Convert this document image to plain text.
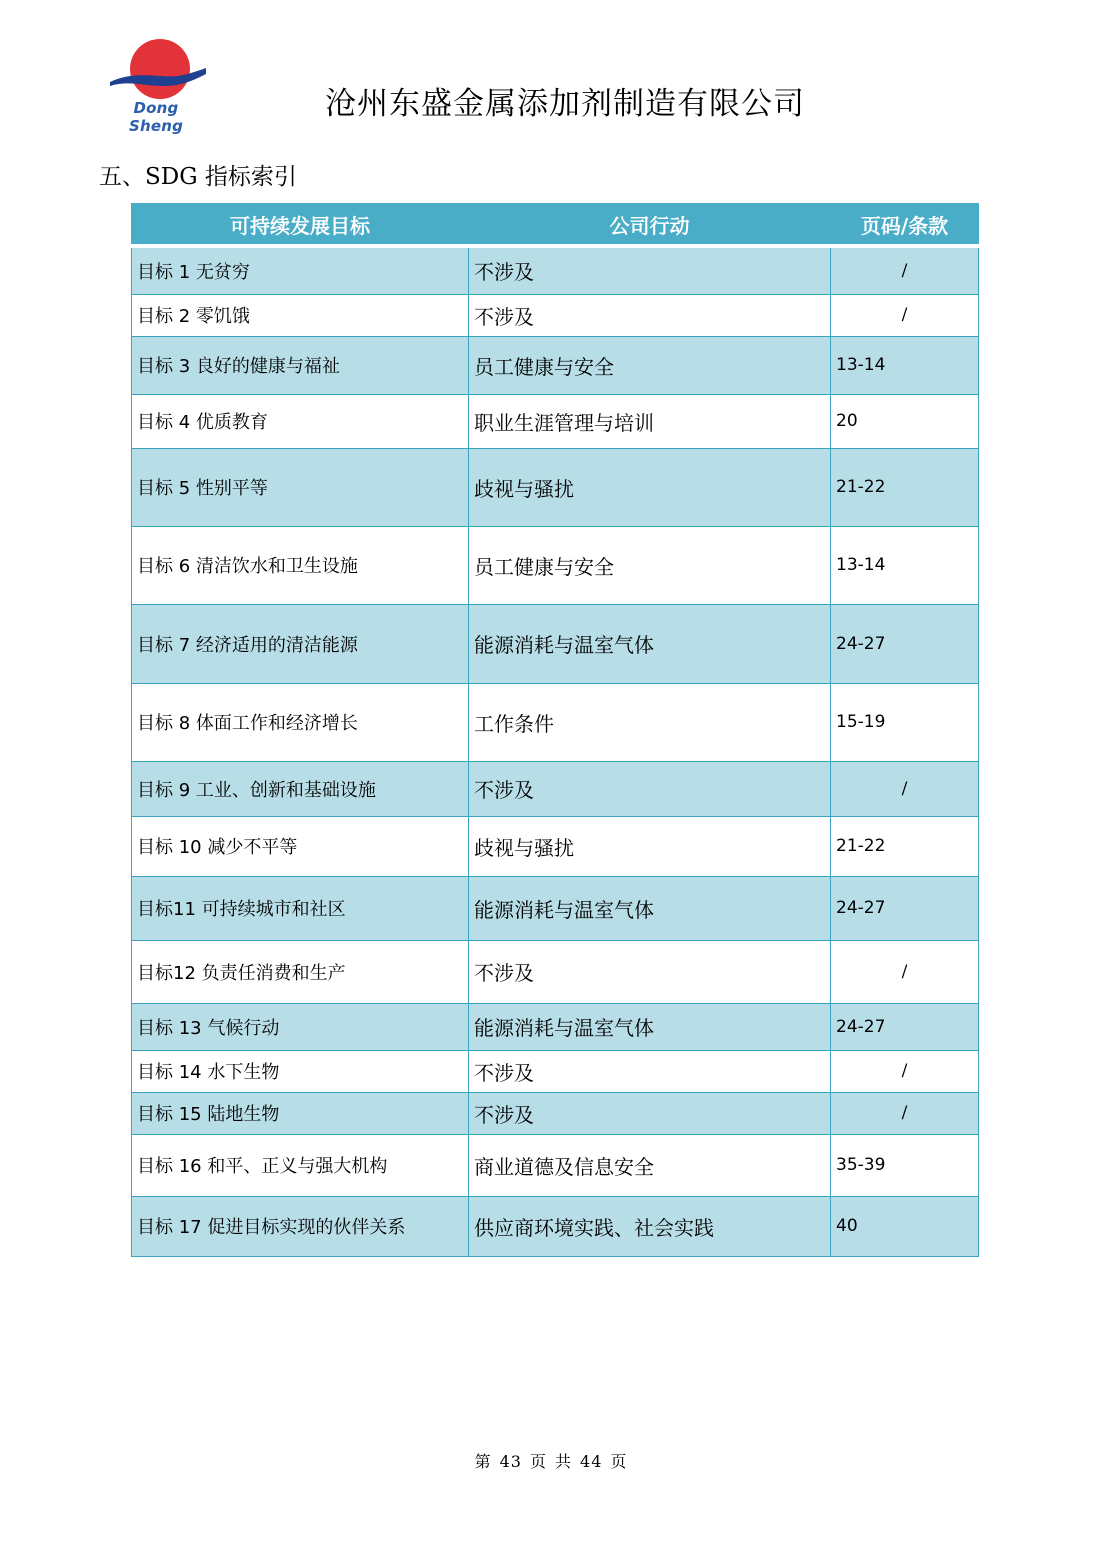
Dong Sheng
沧州东盛金属添加剂制造有限公司
五、SDG 指标索引
可持续发展目标	公司行动	页码/条款
目标 1 无贫穷	不涉及	/
目标 2 零饥饿	不涉及	/
目标 3 良好的健康与福祉	员工健康与安全	13-14
目标 4 优质教育	职业生涯管理与培训	20
目标 5 性别平等	歧视与骚扰	21-22
目标 6 清洁饮水和卫生设施	员工健康与安全	13-14
目标 7 经济适用的清洁能源	能源消耗与温室气体	24-27
目标 8 体面工作和经济增长	工作条件	15-19
目标 9 工业、创新和基础设施	不涉及	/
目标 10 减少不平等	歧视与骚扰	21-22
目标11 可持续城市和社区	能源消耗与温室气体	24-27
目标12 负责任消费和生产	不涉及	/
目标 13 气候行动	能源消耗与温室气体	24-27
目标 14 水下生物	不涉及	/
目标 15 陆地生物	不涉及	/
目标 16 和平、正义与强大机构	商业道德及信息安全	35-39
目标 17 促进目标实现的伙伴关系	供应商环境实践、社会实践	40
第 43 页 共 44 页
